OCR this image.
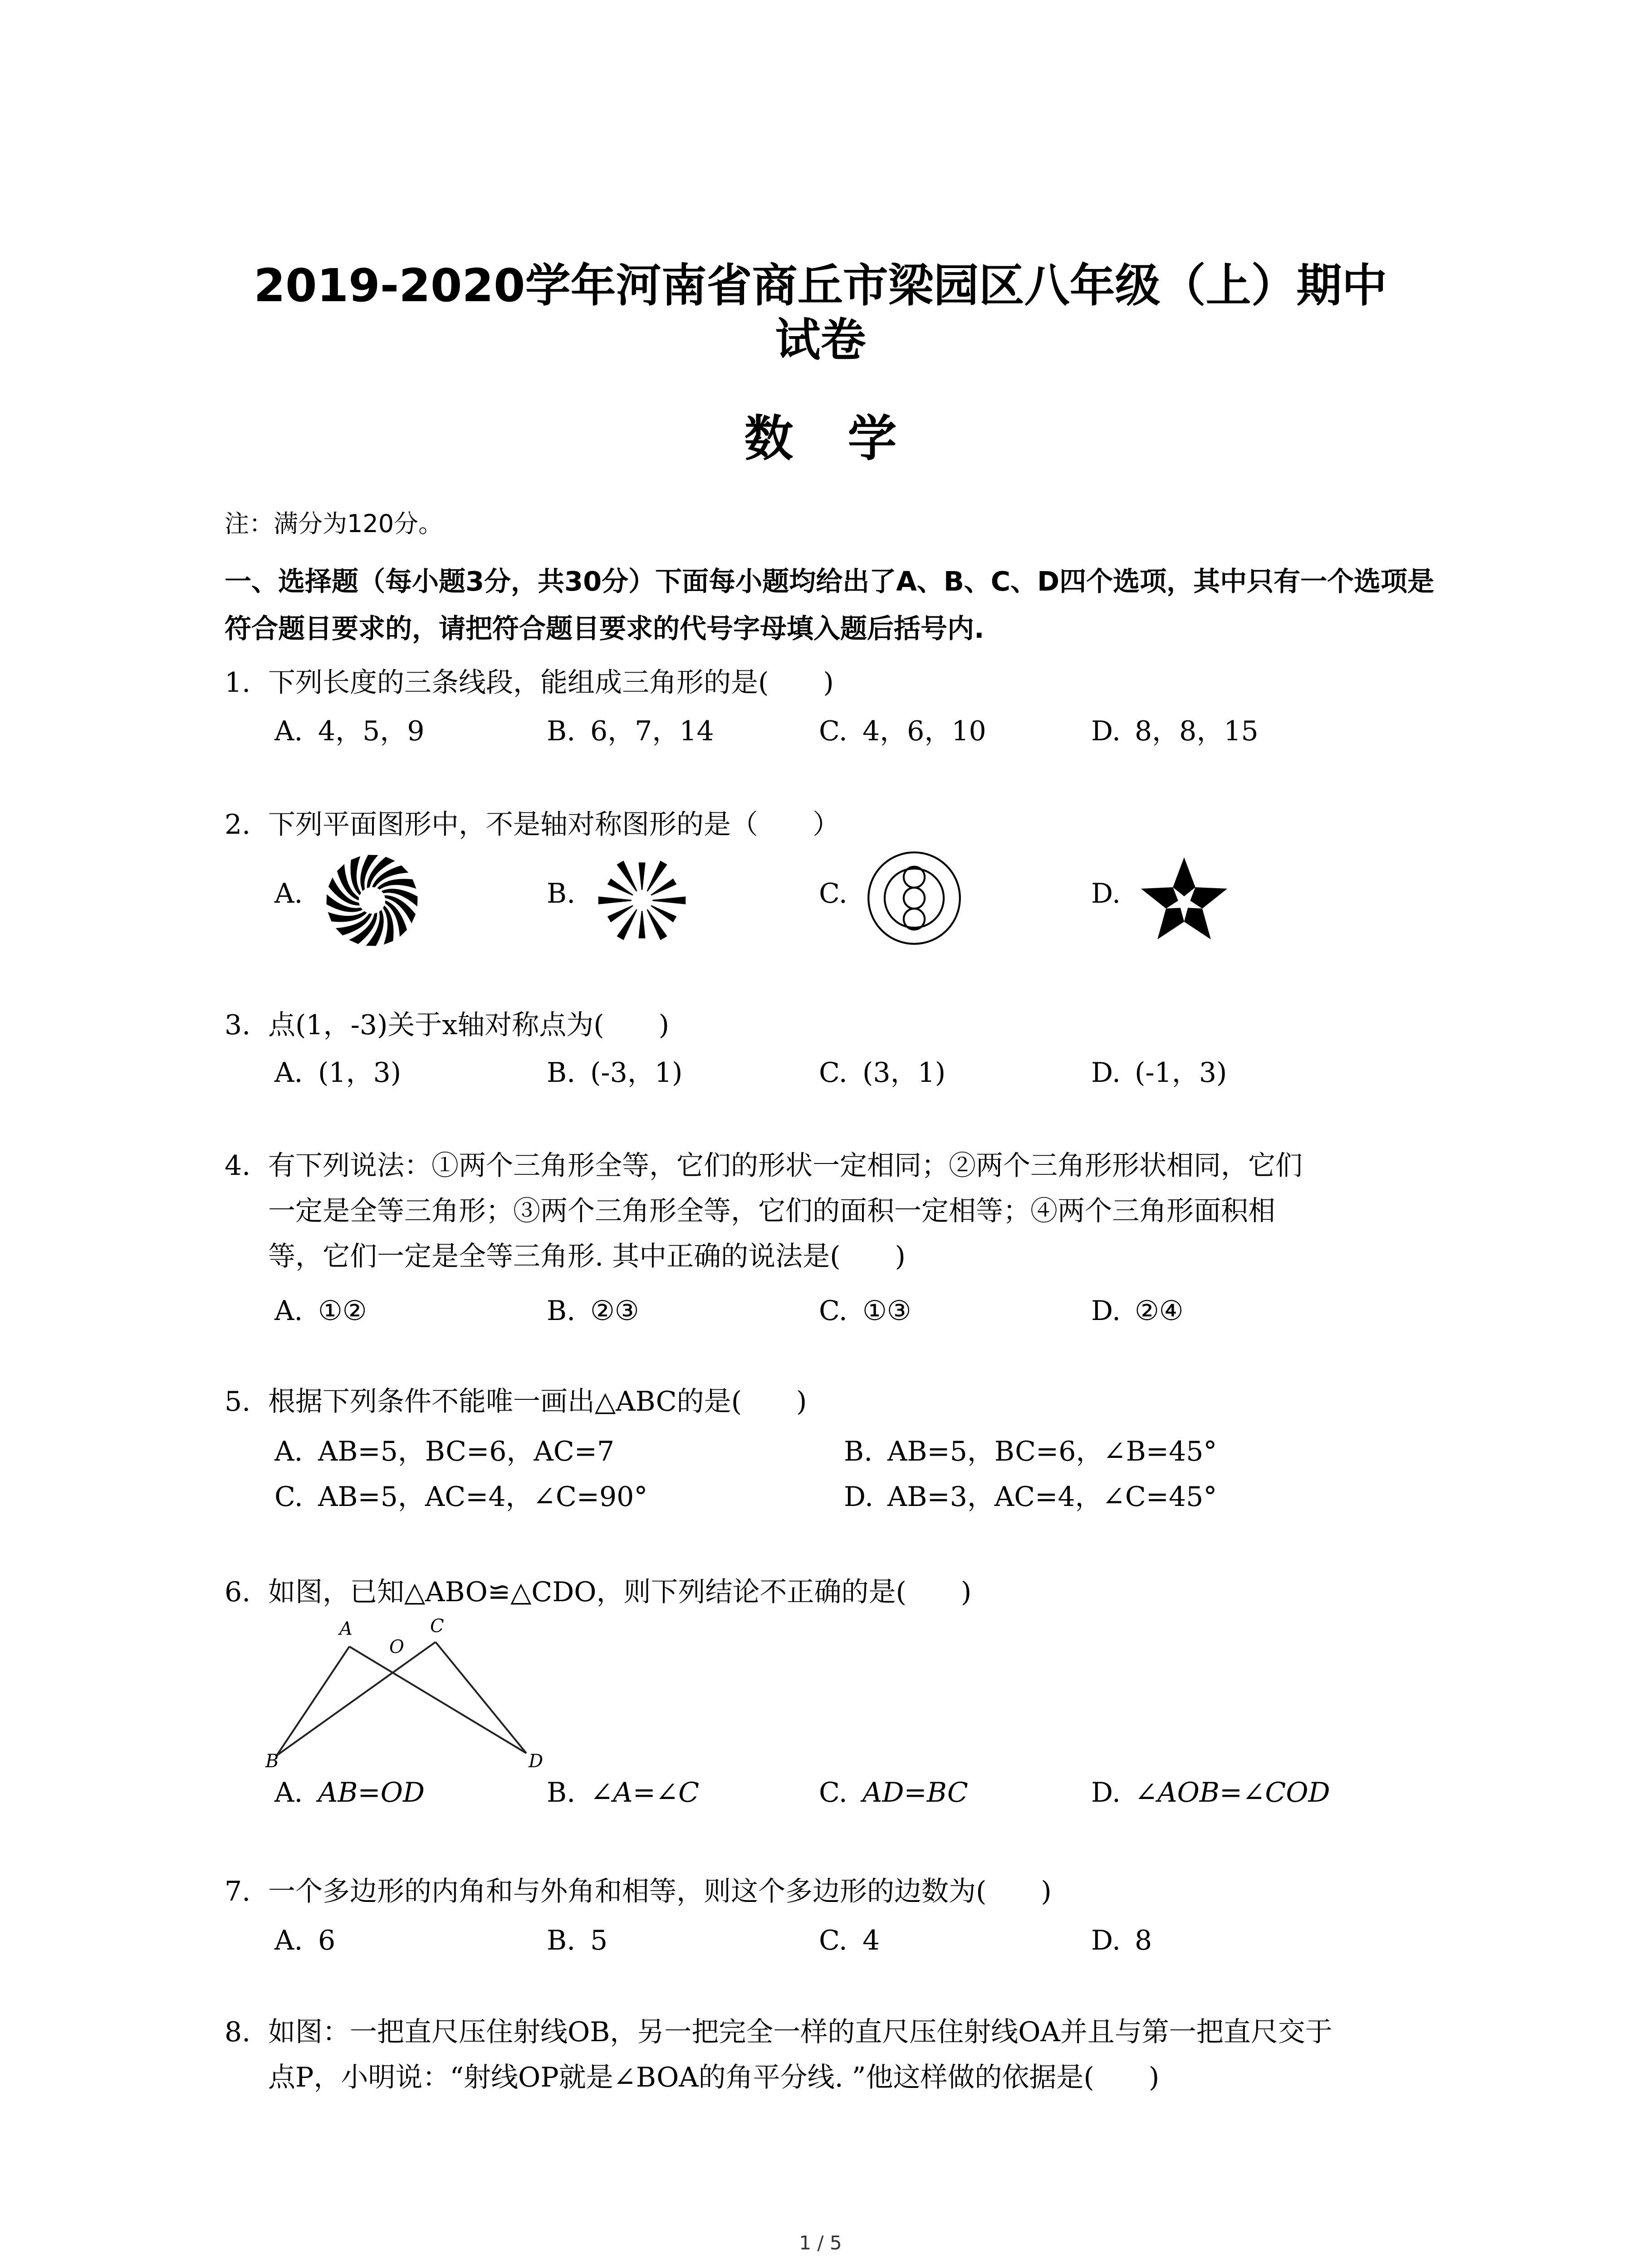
2019-2020学年河南省商丘市梁园区八年级（上）期中
试卷
数学
注：满分为120分。
一、选择题（每小题3分，共30分）下面每小题均给出了A、B、C、D四个选项，其中只有一个选项是符合题目要求的，请把符合题目要求的代号字母填入题后括号内.
1. 下列长度的三条线段，能组成三角形的是(　　)
A. 4，5，9	B. 6，7，14	C. 4，6，10	D. 8，8，15
2. 下列平面图形中，不是轴对称图形的是（　　）
A.	B.	C.	D.
3. 点(1，-3)关于x轴对称点为(　　)
A. (1，3)	B. (-3，1)	C. (3，1)	D. (-1，3)
4. 有下列说法：①两个三角形全等，它们的形状一定相同；②两个三角形形状相同，它们
一定是全等三角形；③两个三角形全等，它们的面积一定相等；④两个三角形面积相
等，它们一定是全等三角形. 其中正确的说法是(　　)
A. ①②	B. ②③	C. ①③	D. ②④
5. 根据下列条件不能唯一画出△ABC的是(　　)
A. AB=5，BC=6，AC=7	B. AB=5，BC=6，∠B=45°
C. AB=5，AC=4，∠C=90°	D. AB=3，AC=4，∠C=45°
6. 如图，已知△ABO≌△CDO，则下列结论不正确的是(　　)
A	C
O
B	D
A. AB=OD	B. ∠A=∠C	C. AD=BC	D. ∠AOB=∠COD
7. 一个多边形的内角和与外角和相等，则这个多边形的边数为(　　)
A. 6	B. 5	C. 4	D. 8
8. 如图：一把直尺压住射线OB，另一把完全一样的直尺压住射线OA并且与第一把直尺交于
点P，小明说：“射线OP就是∠BOA的角平分线. ”他这样做的依据是(　　)
1 / 5
